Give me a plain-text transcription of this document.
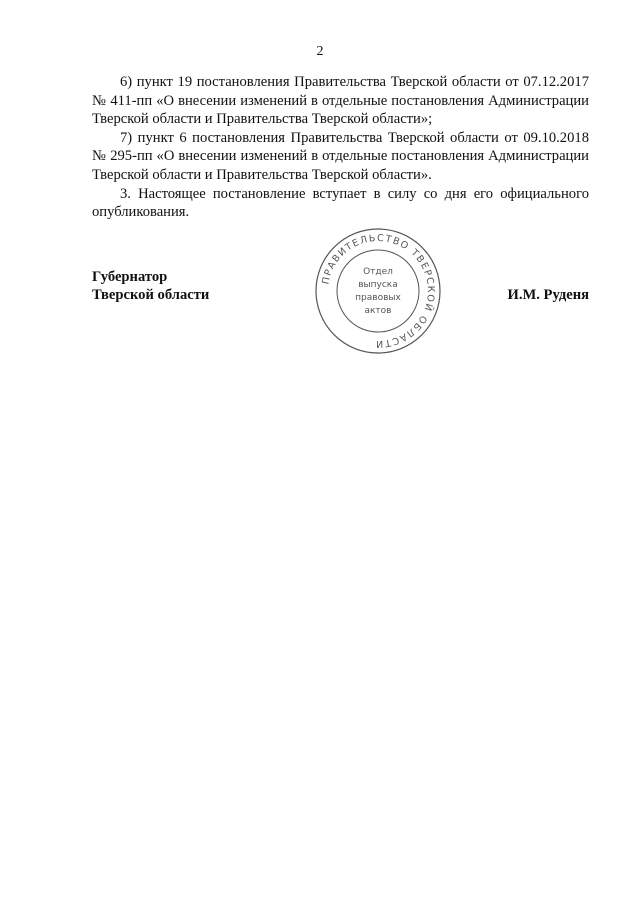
2

6) пункт 19 постановления Правительства Тверской области от 07.12.2017 № 411-пп «О внесении изменений в отдельные постановления Администрации Тверской области и Правительства Тверской области»;

7) пункт 6 постановления Правительства Тверской области от 09.10.2018 № 295-пп «О внесении изменений в отдельные постановления Администрации Тверской области и Правительства Тверской области».

3. Настоящее постановление вступает в силу со дня его официального опубликования.

ПРАВИТЕЛЬСТВО ТВЕРСКОЙ ОБЛАСТИ
Отдел
выпуска
правовых
актов
Губернатор
Тверской области	И.М. Руденя
